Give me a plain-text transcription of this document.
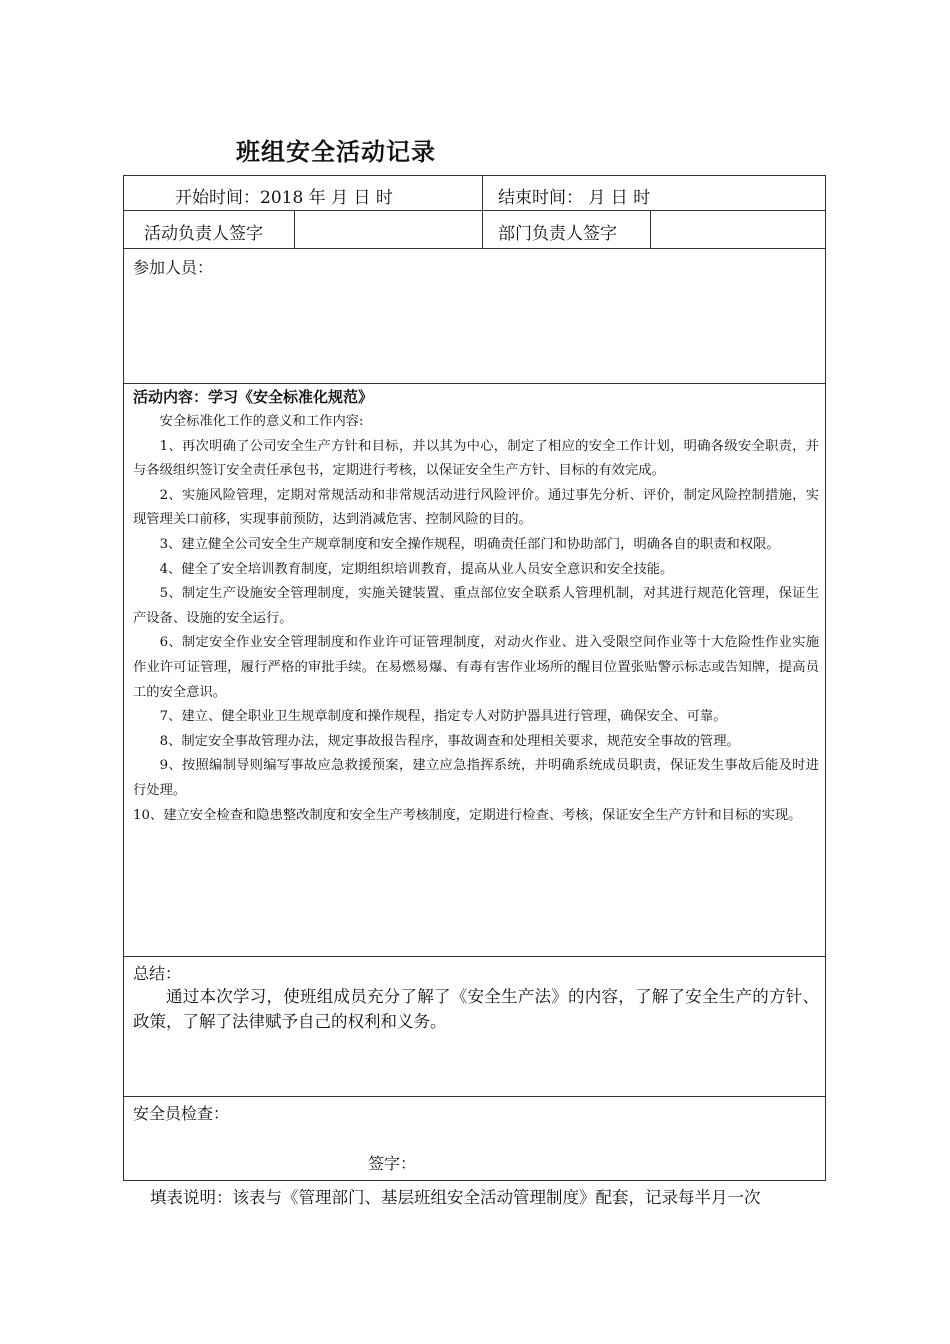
班组安全活动记录
开始时间：2018 年 月 日 时	结束时间： 月 日 时
活动负责人签字	部门负责人签字
参加人员：
活动内容：学习《安全标准化规范》

安全标准化工作的意义和工作内容:

1、再次明确了公司安全生产方针和目标，并以其为中心，制定了相应的安全工作计划，明确各级安全职责，并与各级组织签订安全责任承包书，定期进行考核，以保证安全生产方针、目标的有效完成。

2、实施风险管理，定期对常规活动和非常规活动进行风险评价。通过事先分析、评价，制定风险控制措施，实现管理关口前移，实现事前预防，达到消减危害、控制风险的目的。

3、建立健全公司安全生产规章制度和安全操作规程，明确责任部门和协助部门，明确各自的职责和权限。

4、健全了安全培训教育制度，定期组织培训教育，提高从业人员安全意识和安全技能。

5、制定生产设施安全管理制度，实施关键装置、重点部位安全联系人管理机制，对其进行规范化管理，保证生产设备、设施的安全运行。

6、制定安全作业安全管理制度和作业许可证管理制度，对动火作业、进入受限空间作业等十大危险性作业实施作业许可证管理，履行严格的审批手续。在易燃易爆、有毒有害作业场所的醒目位置张贴警示标志或告知牌，提高员工的安全意识。

7、建立、健全职业卫生规章制度和操作规程，指定专人对防护器具进行管理，确保安全、可靠。

8、制定安全事故管理办法，规定事故报告程序，事故调查和处理相关要求，规范安全事故的管理。

9、按照编制导则编写事故应急救援预案，建立应急指挥系统，并明确系统成员职责，保证发生事故后能及时进行处理。

10、建立安全检查和隐患整改制度和安全生产考核制度，定期进行检查、考核，保证安全生产方针和目标的实现。

总结：
通过本次学习，使班组成员充分了解了《安全生产法》的内容，了解了安全生产的方针、政策，了解了法律赋予自己的权利和义务。
安全员检查：
签字：
填表说明：该表与《管理部门、基层班组安全活动管理制度》配套，记录每半月一次
